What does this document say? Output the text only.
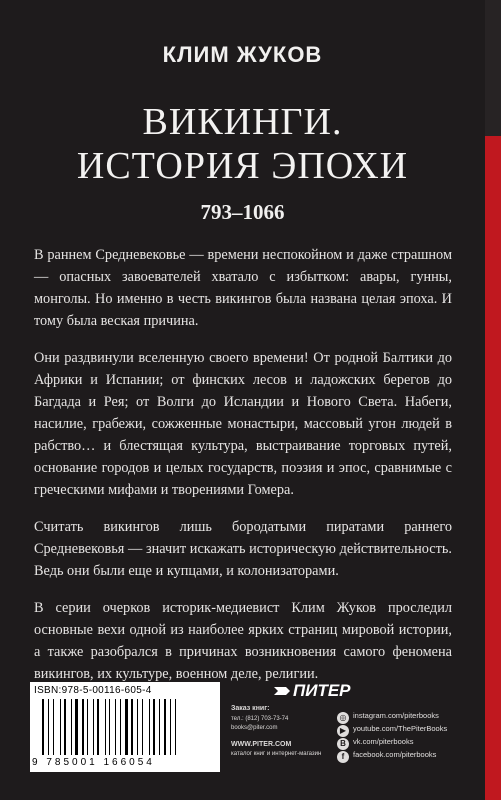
КЛИМ ЖУКОВ
ВИКИНГИ.
ИСТОРИЯ ЭПОХИ
793–1066

В раннем Средневековье — времени неспокойном и даже страшном — опасных завоевателей хватало с избытком: авары, гунны, монголы. Но именно в честь викингов была названа целая эпоха. И тому была веская причина.

Они раздвинули вселенную своего времени! От родной Балтики до Африки и Испании; от финских лесов и ладожских берегов до Багдада и Рея; от Волги до Исландии и Нового Света. Набеги, насилие, грабежи, сожженные монастыри, массовый угон людей в рабство… и блестящая культура, выстраивание торговых путей, основание городов и целых государств, поэзия и эпос, сравнимые с греческими мифами и творениями Гомера.

Считать викингов лишь бородатыми пиратами раннего Средневековья — значит искажать историческую действительность. Ведь они были еще и купцами, и колонизаторами.

В серии очерков историк-медиевист Клим Жуков проследил основные вехи одной из наиболее ярких страниц мировой истории, а также разобрался в причинах возникновения самого феномена викингов, их культуре, военном деле, религии.

ISBN:978-5-00116-605-4
9 785001 166054
ПИТЕР
Заказ книг:
тел.: (812) 703-73-74
books@piter.com
WWW.PITER.COM
каталог книг и интернет-магазин
◎ instagram.com/piterbooks
▶ youtube.com/ThePiterBooks
B vk.com/piterbooks
f facebook.com/piterbooks
